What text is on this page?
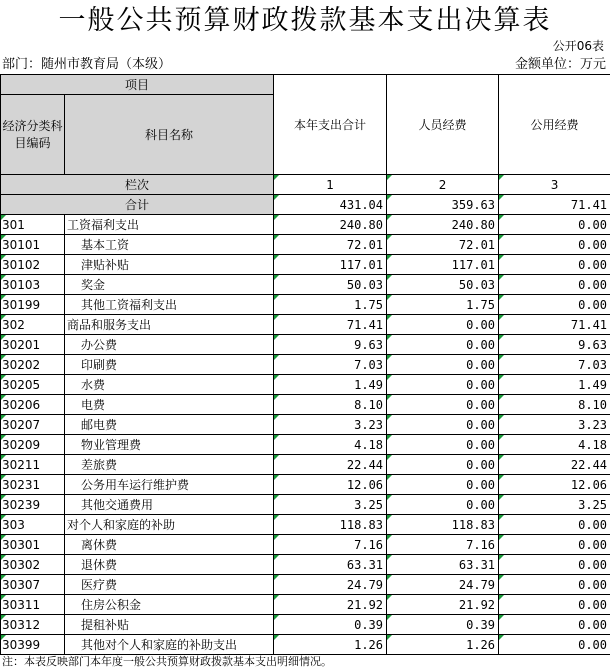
一般公共预算财政拨款基本支出决算表
公开06表
部门：随州市教育局（本级）	金额单位：万元
项目		本年支出合计	人员经费	公用经费
经济分类科目编码	科目名称			
栏次		1	2	3
合计		431.04	359.63	71.41
301	工资福利支出	240.80	240.80	0.00
30101	基本工资	72.01	72.01	0.00
30102	津贴补贴	117.01	117.01	0.00
30103	奖金	50.03	50.03	0.00
30199	其他工资福利支出	1.75	1.75	0.00
302	商品和服务支出	71.41	0.00	71.41
30201	办公费	9.63	0.00	9.63
30202	印刷费	7.03	0.00	7.03
30205	水费	1.49	0.00	1.49
30206	电费	8.10	0.00	8.10
30207	邮电费	3.23	0.00	3.23
30209	物业管理费	4.18	0.00	4.18
30211	差旅费	22.44	0.00	22.44
30231	公务用车运行维护费	12.06	0.00	12.06
30239	其他交通费用	3.25	0.00	3.25
303	对个人和家庭的补助	118.83	118.83	0.00
30301	离休费	7.16	7.16	0.00
30302	退休费	63.31	63.31	0.00
30307	医疗费	24.79	24.79	0.00
30311	住房公积金	21.92	21.92	0.00
30312	提租补贴	0.39	0.39	0.00
30399	其他对个人和家庭的补助支出	1.26	1.26	0.00
注：本表反映部门本年度一般公共预算财政拨款基本支出明细情况。
